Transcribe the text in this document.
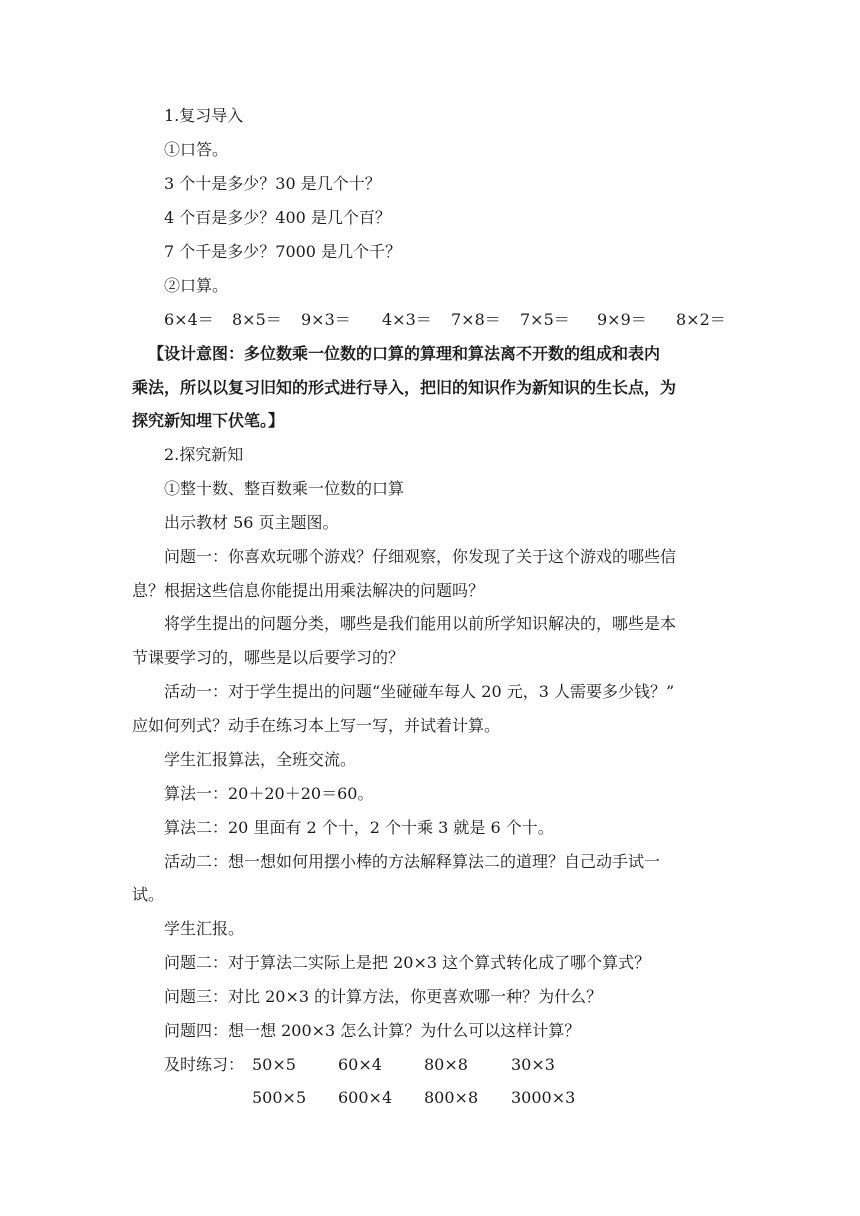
1.复习导入
①口答。
3 个十是多少？30 是几个十？
4 个百是多少？400 是几个百？
7 个千是多少？7000 是几个千？
②口算。
6×4＝ 8×5＝ 9×3＝ 4×3＝ 7×8＝ 7×5＝ 9×9＝ 8×2＝
【设计意图：多位数乘一位数的口算的算理和算法离不开数的组成和表内
乘法，所以以复习旧知的形式进行导入，把旧的知识作为新知识的生长点，为
探究新知埋下伏笔。】
2.探究新知
①整十数、整百数乘一位数的口算
出示教材 56 页主题图。
问题一：你喜欢玩哪个游戏？仔细观察，你发现了关于这个游戏的哪些信
息？根据这些信息你能提出用乘法解决的问题吗？
将学生提出的问题分类，哪些是我们能用以前所学知识解决的，哪些是本
节课要学习的，哪些是以后要学习的？
活动一：对于学生提出的问题“坐碰碰车每人 20 元，3 人需要多少钱？”
应如何列式？动手在练习本上写一写，并试着计算。
学生汇报算法，全班交流。
算法一：20＋20＋20＝60。
算法二：20 里面有 2 个十，2 个十乘 3 就是 6 个十。
活动二：想一想如何用摆小棒的方法解释算法二的道理？自己动手试一
试。
学生汇报。
问题二：对于算法二实际上是把 20×3 这个算式转化成了哪个算式？
问题三：对比 20×3 的计算方法，你更喜欢哪一种？为什么？
问题四：想一想 200×3 怎么计算？为什么可以这样计算？
及时练习： 50×5	60×4	80×8	30×3
500×5 600×4 800×8 3000×3
